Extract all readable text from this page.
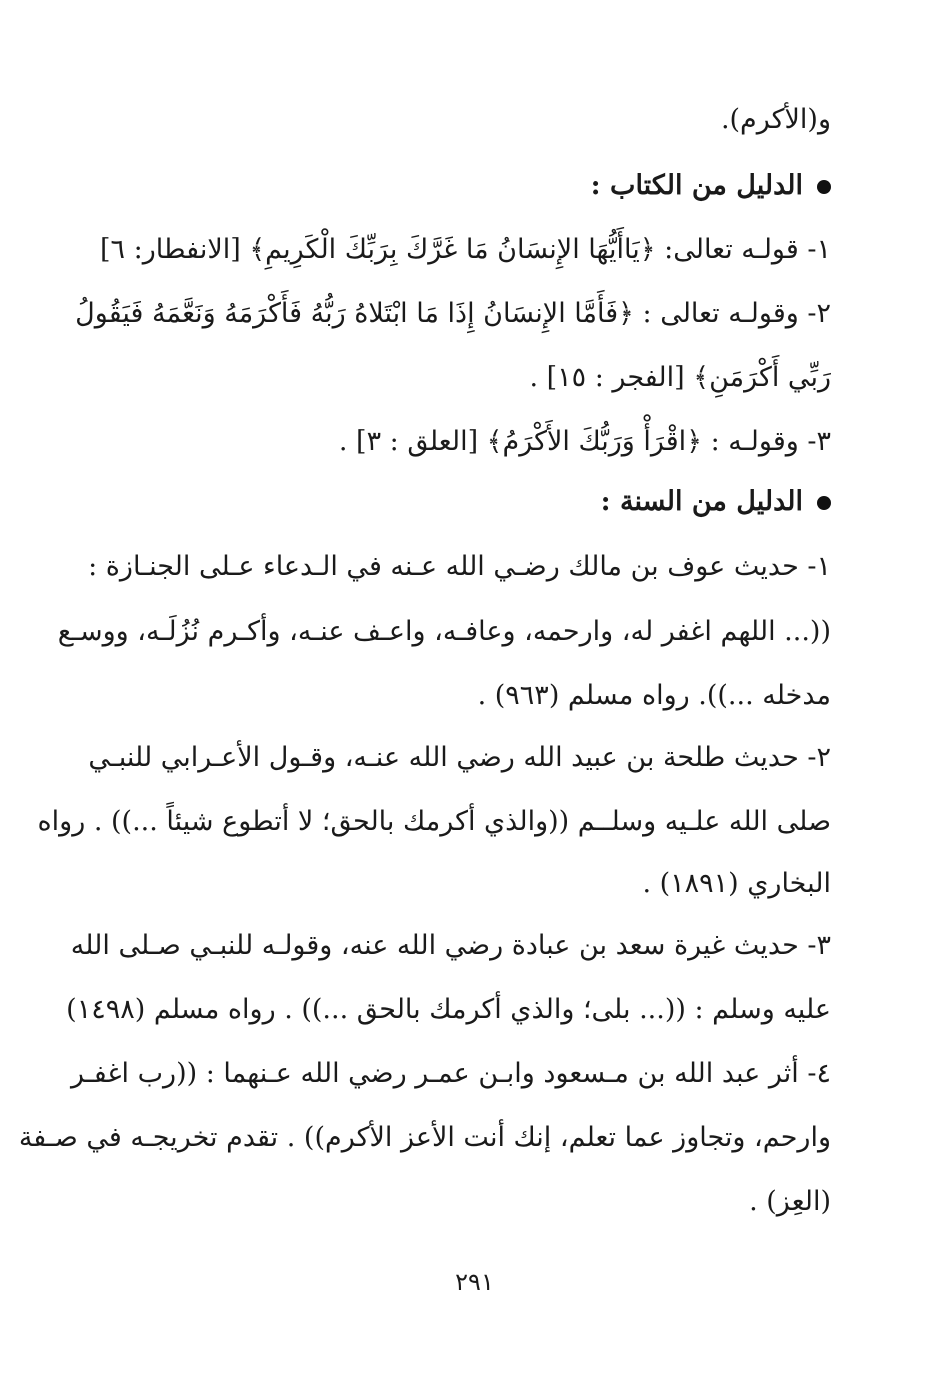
و(الأكرم).
الدليل من الكتاب :
١- قولـه تعالى: ﴿يَاأَيُّهَا الإِنسَانُ مَا غَرَّكَ بِرَبِّكَ الْكَرِيمِ﴾ [الانفطار: ٦]
٢- وقولـه تعالى : ﴿فَأَمَّا الإِنسَانُ إِذَا مَا ابْتَلاهُ رَبُّهُ فَأَكْرَمَهُ وَنَعَّمَهُ فَيَقُولُ
رَبِّي أَكْرَمَنِ﴾ [الفجر : ١٥] .
٣- وقولـه : ﴿اقْرَأْ وَرَبُّكَ الأَكْرَمُ﴾ [العلق : ٣] .
الدليل من السنة :
١- حديث عوف بن مالك رضـي الله عـنه في الـدعاء عـلى الجنـازة :
((... اللهم اغفر له، وارحمه، وعافـه، واعـف عنـه، وأكـرم نُزُلَـه، ووسـع
مدخله ...)). رواه مسلم (٩٦٣) .
٢- حديث طلحة بن عبيد الله رضي الله عنـه، وقـول الأعـرابي للنبـي
صلى الله علـيه وسلــم ((والذي أكرمك بالحق؛ لا أتطوع شيئاً ...)) . رواه
البخاري (١٨٩١) .
٣- حديث غيرة سعد بن عبادة رضي الله عنه، وقولـه للنبـي صـلى الله
عليه وسلم : ((... بلى؛ والذي أكرمك بالحق ...)) . رواه مسلم (١٤٩٨)
٤- أثر عبد الله بن مـسعود وابـن عمـر رضي الله عـنهما : ((رب اغفـر
وارحم، وتجاوز عما تعلم، إنك أنت الأعز الأكرم)) . تقدم تخريجـه في صـفة
(العِز) .
٢٩١
